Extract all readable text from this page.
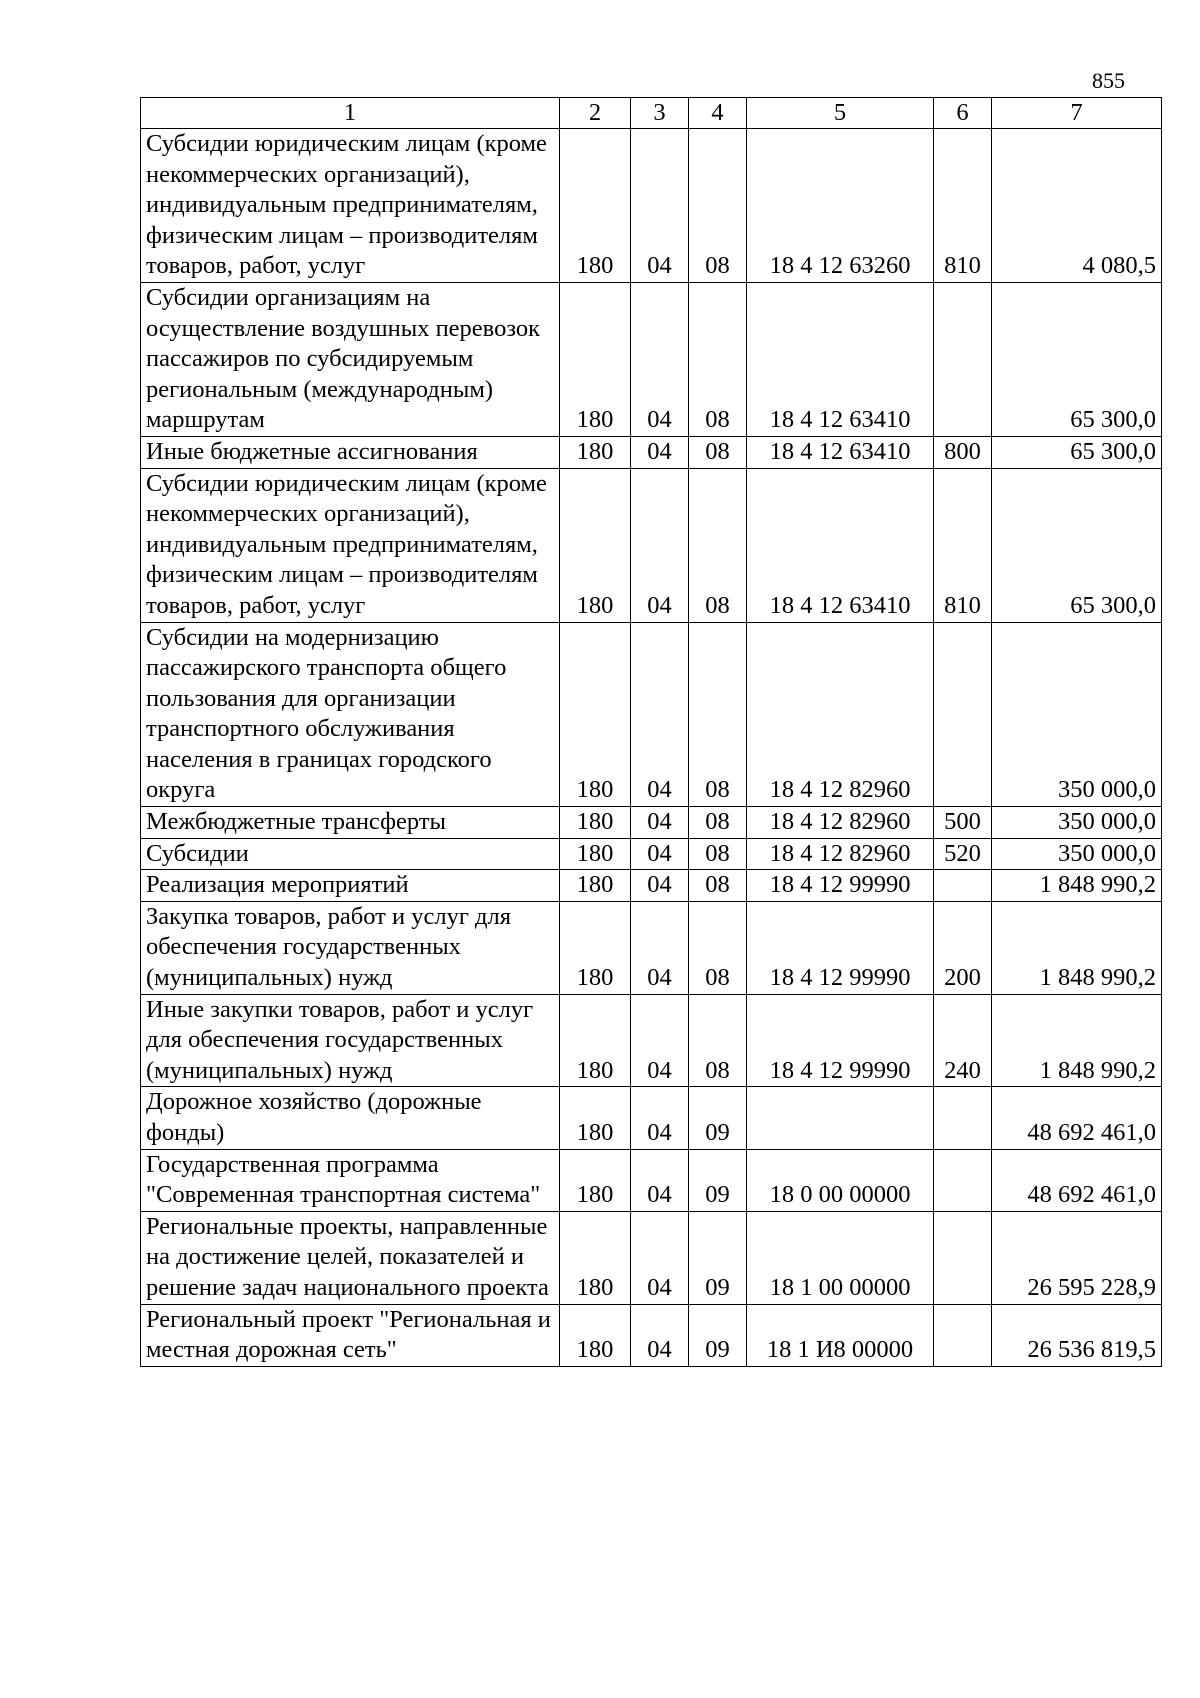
855
1	2	3	4	5	6	7
Субсидии юридическим лицам (кроме некоммерческих организаций), индивидуальным предпринимателям, физическим лицам – производителям товаров, работ, услуг	180	04	08	18 4 12 63260	810	4 080,5
Субсидии организациям на осуществление воздушных перевозок пассажиров по субсидируемым региональным (международным) маршрутам	180	04	08	18 4 12 63410		65 300,0
Иные бюджетные ассигнования	180	04	08	18 4 12 63410	800	65 300,0
Субсидии юридическим лицам (кроме некоммерческих организаций), индивидуальным предпринимателям, физическим лицам – производителям товаров, работ, услуг	180	04	08	18 4 12 63410	810	65 300,0
Субсидии на модернизацию пассажирского транспорта общего пользования для организации транспортного обслуживания населения в границах городского округа	180	04	08	18 4 12 82960		350 000,0
Межбюджетные трансферты	180	04	08	18 4 12 82960	500	350 000,0
Субсидии	180	04	08	18 4 12 82960	520	350 000,0
Реализация мероприятий	180	04	08	18 4 12 99990		1 848 990,2
Закупка товаров, работ и услуг для обеспечения государственных (муниципальных) нужд	180	04	08	18 4 12 99990	200	1 848 990,2
Иные закупки товаров, работ и услуг для обеспечения государственных (муниципальных) нужд	180	04	08	18 4 12 99990	240	1 848 990,2
Дорожное хозяйство (дорожные фонды)	180	04	09			48 692 461,0
Государственная программа "Современная транспортная система"	180	04	09	18 0 00 00000		48 692 461,0
Региональные проекты, направленные на достижение целей, показателей и решение задач национального проекта	180	04	09	18 1 00 00000		26 595 228,9
Региональный проект "Региональная и местная дорожная сеть"	180	04	09	18 1 И8 00000		26 536 819,5
